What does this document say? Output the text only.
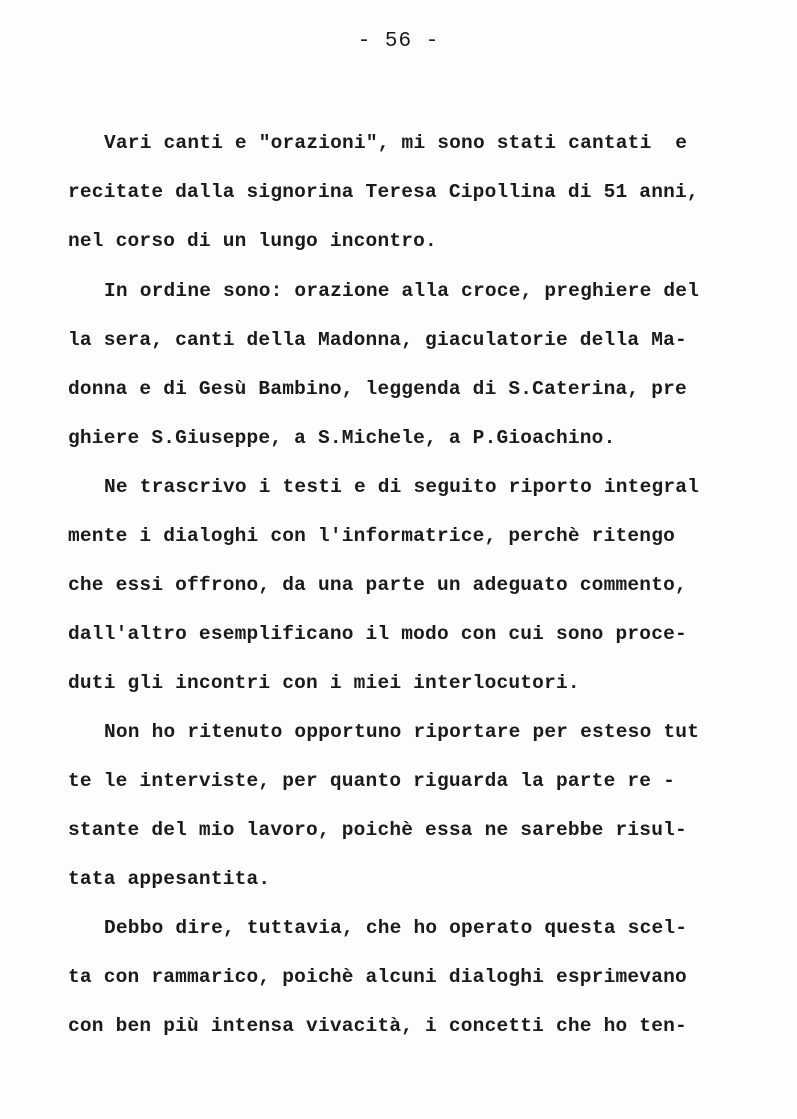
- 56 -
Vari canti e "orazioni", mi sono stati cantati  e
recitate dalla signorina Teresa Cipollina di 51 anni,
nel corso di un lungo incontro.
In ordine sono: orazione alla croce, preghiere del
la sera, canti della Madonna, giaculatorie della Ma-
donna e di Gesù Bambino, leggenda di S.Caterina, pre
ghiere S.Giuseppe, a S.Michele, a P.Gioachino.
Ne trascrivo i testi e di seguito riporto integral
mente i dialoghi con l'informatrice, perchè ritengo
che essi offrono, da una parte un adeguato commento,
dall'altro esemplificano il modo con cui sono proce-
duti gli incontri con i miei interlocutori.
Non ho ritenuto opportuno riportare per esteso tut
te le interviste, per quanto riguarda la parte re -
stante del mio lavoro, poichè essa ne sarebbe risul-
tata appesantita.
Debbo dire, tuttavia, che ho operato questa scel-
ta con rammarico, poichè alcuni dialoghi esprimevano
con ben più intensa vivacità, i concetti che ho ten-
